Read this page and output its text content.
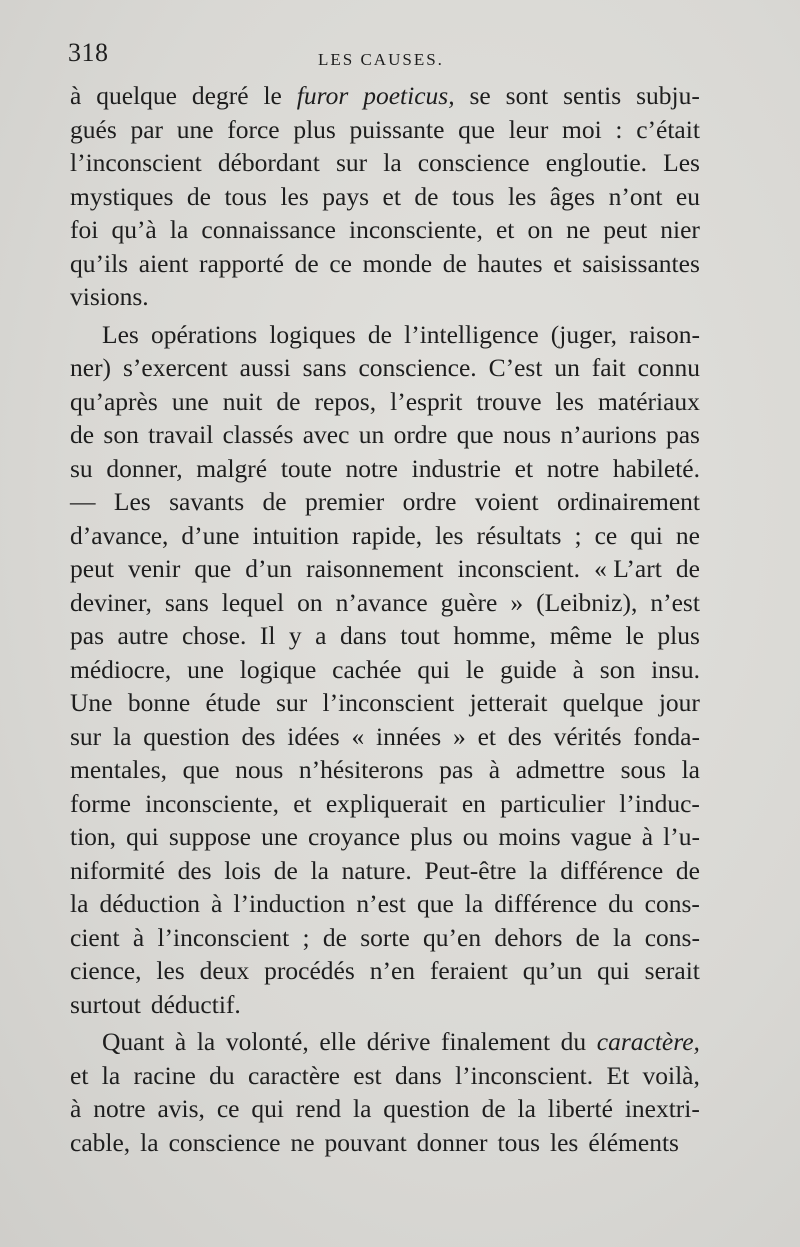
318	LES CAUSES.
à quelque degré le furor poeticus, se sont sentis subju-
gués par une force plus puissante que leur moi : c’était
l’inconscient débordant sur la conscience engloutie. Les
mystiques de tous les pays et de tous les âges n’ont eu
foi qu’à la connaissance inconsciente, et on ne peut nier
qu’ils aient rapporté de ce monde de hautes et saisissantes
visions.
Les opérations logiques de l’intelligence (juger, raison-
ner) s’exercent aussi sans conscience. C’est un fait connu
qu’après une nuit de repos, l’esprit trouve les matériaux
de son travail classés avec un ordre que nous n’aurions pas
su donner, malgré toute notre industrie et notre habileté.
— Les savants de premier ordre voient ordinairement
d’avance, d’une intuition rapide, les résultats ; ce qui ne
peut venir que d’un raisonnement inconscient. « L’art de
deviner, sans lequel on n’avance guère » (Leibniz), n’est
pas autre chose. Il y a dans tout homme, même le plus
médiocre, une logique cachée qui le guide à son insu.
Une bonne étude sur l’inconscient jetterait quelque jour
sur la question des idées « innées » et des vérités fonda-
mentales, que nous n’hésiterons pas à admettre sous la
forme inconsciente, et expliquerait en particulier l’induc-
tion, qui suppose une croyance plus ou moins vague à l’u-
niformité des lois de la nature. Peut-être la différence de
la déduction à l’induction n’est que la différence du cons-
cient à l’inconscient ; de sorte qu’en dehors de la cons-
cience, les deux procédés n’en feraient qu’un qui serait
surtout déductif.
Quant à la volonté, elle dérive finalement du caractère,
et la racine du caractère est dans l’inconscient. Et voilà,
à notre avis, ce qui rend la question de la liberté inextri-
cable, la conscience ne pouvant donner tous les éléments
